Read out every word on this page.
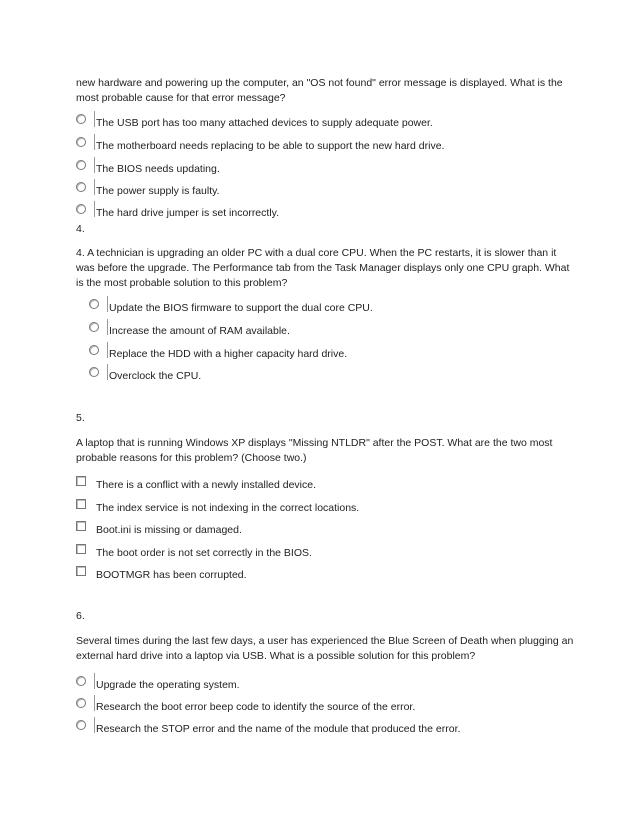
new hardware and powering up the computer, an "OS not found" error message is displayed. What is the most probable cause for that error message?
The USB port has too many attached devices to supply adequate power.
The motherboard needs replacing to be able to support the new hard drive.
The BIOS needs updating.
The power supply is faulty.
The hard drive jumper is set incorrectly.
4.
4. A technician is upgrading an older PC with a dual core CPU. When the PC restarts, it is slower than it was before the upgrade. The Performance tab from the Task Manager displays only one CPU graph. What is the most probable solution to this problem?
Update the BIOS firmware to support the dual core CPU.
Increase the amount of RAM available.
Replace the HDD with a higher capacity hard drive.
Overclock the CPU.
5.
A laptop that is running Windows XP displays "Missing NTLDR" after the POST. What are the two most probable reasons for this problem? (Choose two.)
There is a conflict with a newly installed device.
The index service is not indexing in the correct locations.
Boot.ini is missing or damaged.
The boot order is not set correctly in the BIOS.
BOOTMGR has been corrupted.
6.
Several times during the last few days, a user has experienced the Blue Screen of Death when plugging an external hard drive into a laptop via USB. What is a possible solution for this problem?
Upgrade the operating system.
Research the boot error beep code to identify the source of the error.
Research the STOP error and the name of the module that produced the error.
